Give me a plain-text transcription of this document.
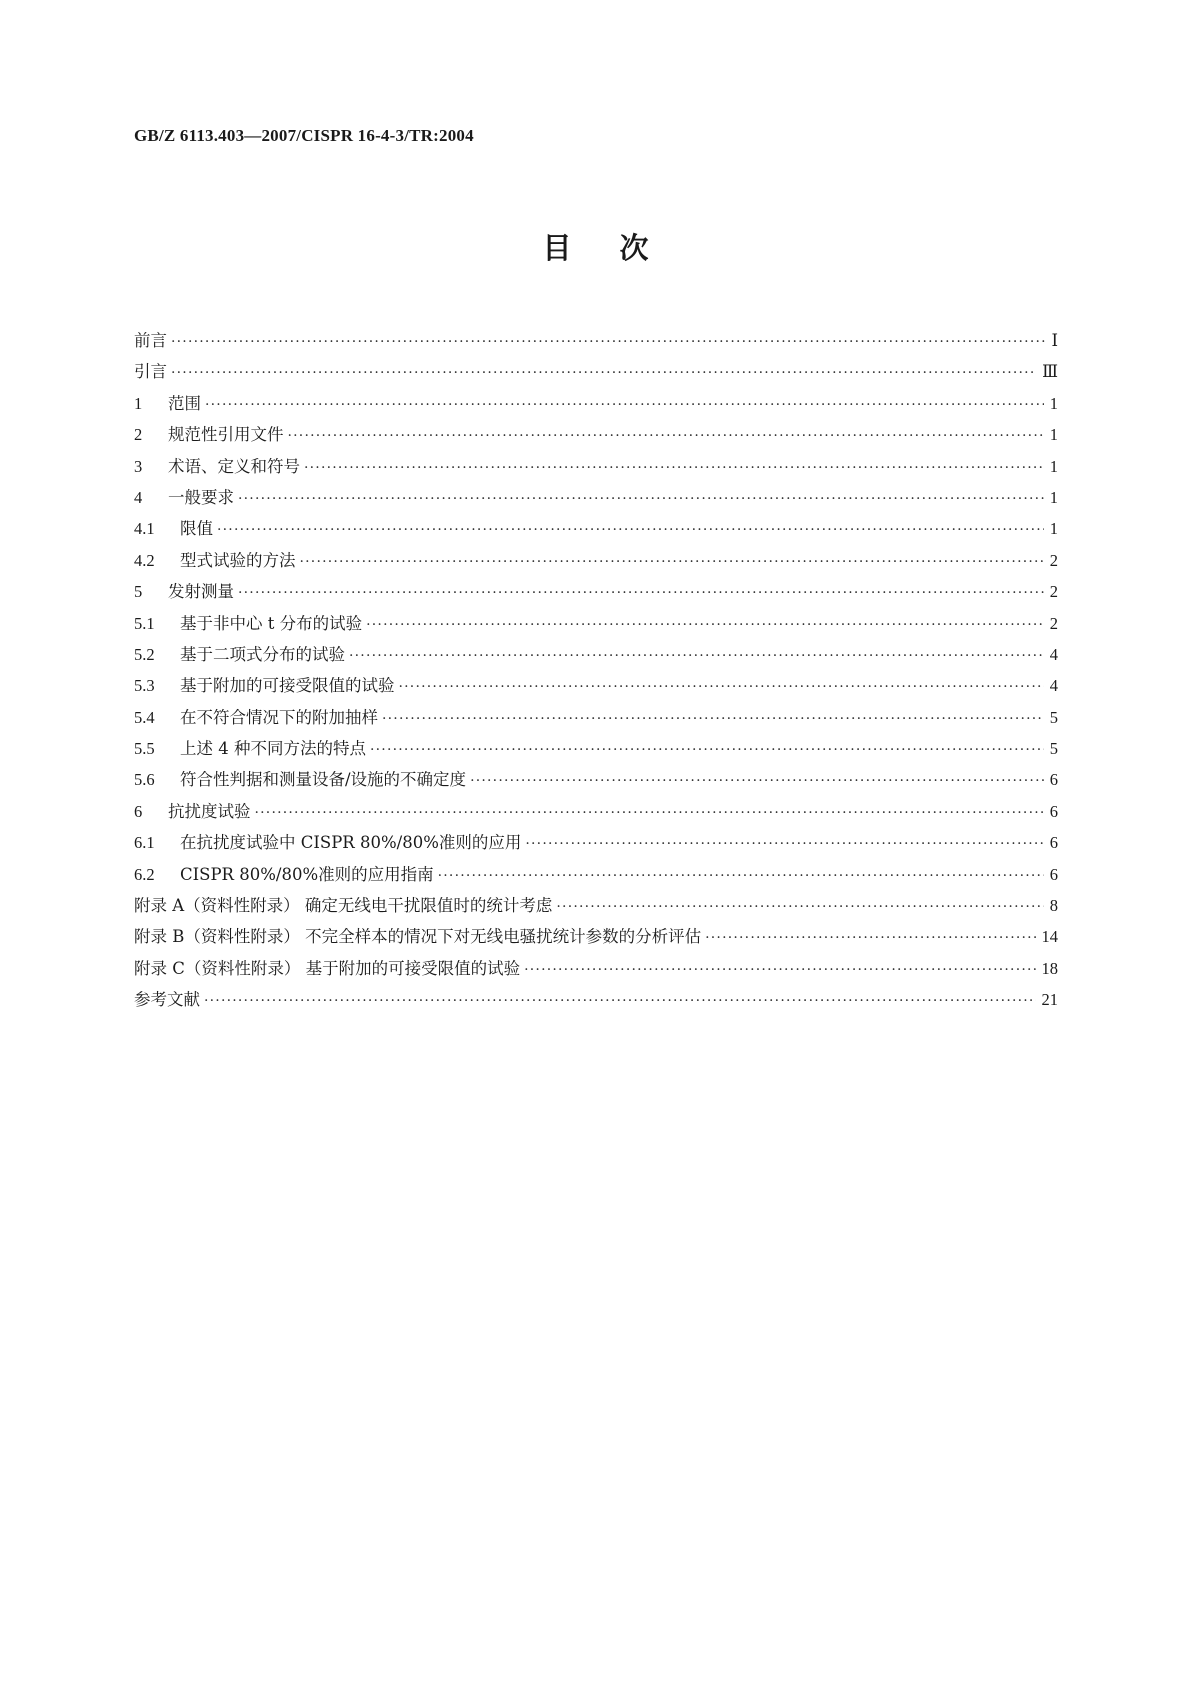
GB/Z 6113.403—2007/CISPR 16-4-3/TR:2004
目次
前言 ·····	Ⅰ
引言 ·····	Ⅲ
1 范围 ·····	1
2 规范性引用文件 ·····	1
3 术语、定义和符号 ·····	1
4 一般要求 ·····	1
4.1 限值 ·····	1
4.2 型式试验的方法 ·····	2
5 发射测量 ·····	2
5.1 基于非中心 t 分布的试验 ·····	2
5.2 基于二项式分布的试验 ·····	4
5.3 基于附加的可接受限值的试验 ·····	4
5.4 在不符合情况下的附加抽样 ·····	5
5.5 上述 4 种不同方法的特点 ·····	5
5.6 符合性判据和测量设备/设施的不确定度 ·····	6
6 抗扰度试验 ·····	6
6.1 在抗扰度试验中 CISPR 80%/80%准则的应用 ·····	6
6.2 CISPR 80%/80%准则的应用指南 ·····	6
附录 A（资料性附录） 确定无线电干扰限值时的统计考虑 ·····	8
附录 B（资料性附录） 不完全样本的情况下对无线电骚扰统计参数的分析评估 ·····	14
附录 C（资料性附录） 基于附加的可接受限值的试验 ·····	18
参考文献 ·····	21
